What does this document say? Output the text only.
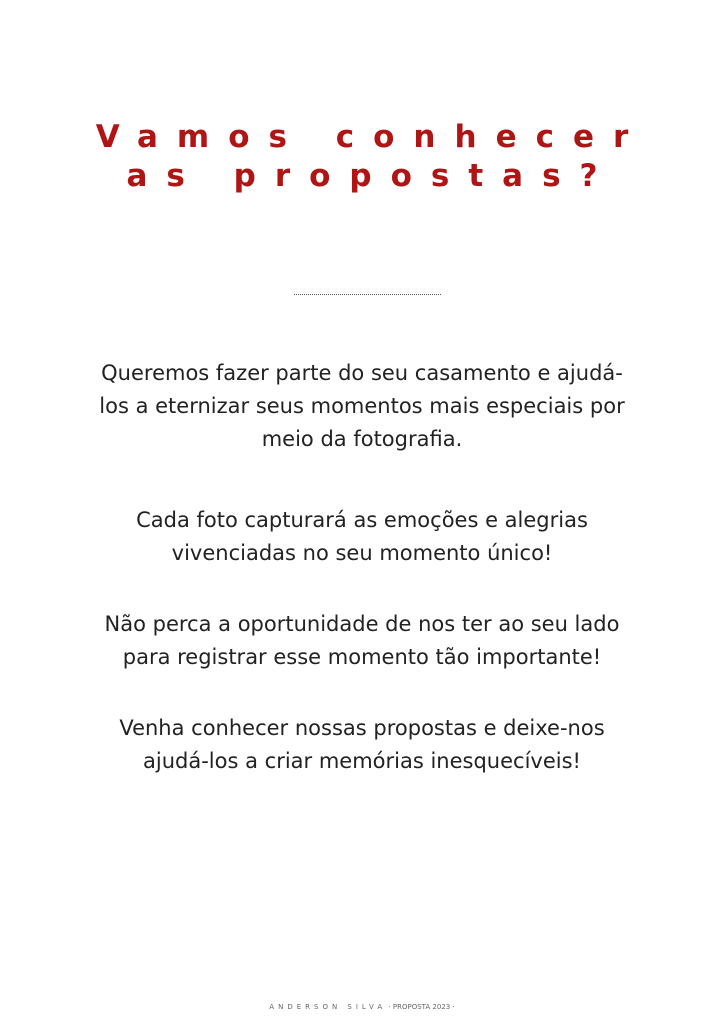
Vamos conhecer
as propostas?

Queremos fazer parte do seu casamento e ajudá-
los a eternizar seus momentos mais especiais por
meio da fotografia.

Cada foto capturará as emoções e alegrias
vivenciadas no seu momento único!

Não perca a oportunidade de nos ter ao seu lado
para registrar esse momento tão importante!

Venha conhecer nossas propostas e deixe-nos
ajudá-los a criar memórias inesquecíveis!

ANDERSON SILVA · PROPOSTA 2023 ·
